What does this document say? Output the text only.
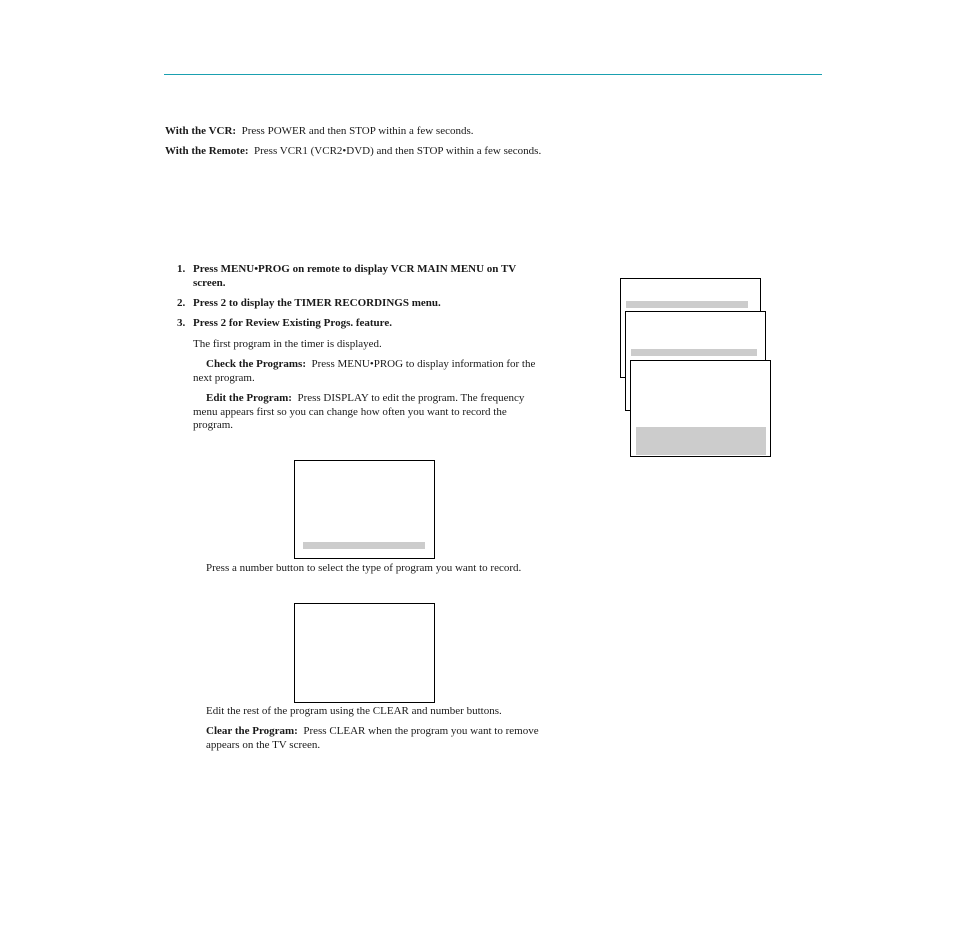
With the VCR: Press POWER and then STOP within a few seconds.
With the Remote: Press VCR1 (VCR2•DVD) and then STOP within a few seconds.
1. Press MENU•PROG on remote to display VCR MAIN MENU on TV
screen.
2. Press 2 to display the TIMER RECORDINGS menu.
3. Press 2 for Review Existing Progs. feature.
The first program in the timer is displayed.
Check the Programs: Press MENU•PROG to display information for the
next program.
Edit the Program: Press DISPLAY to edit the program. The frequency
menu appears first so you can change how often you want to record the
program.
Press a number button to select the type of program you want to record.
Edit the rest of the program using the CLEAR and number buttons.
Clear the Program: Press CLEAR when the program you want to remove
appears on the TV screen.
